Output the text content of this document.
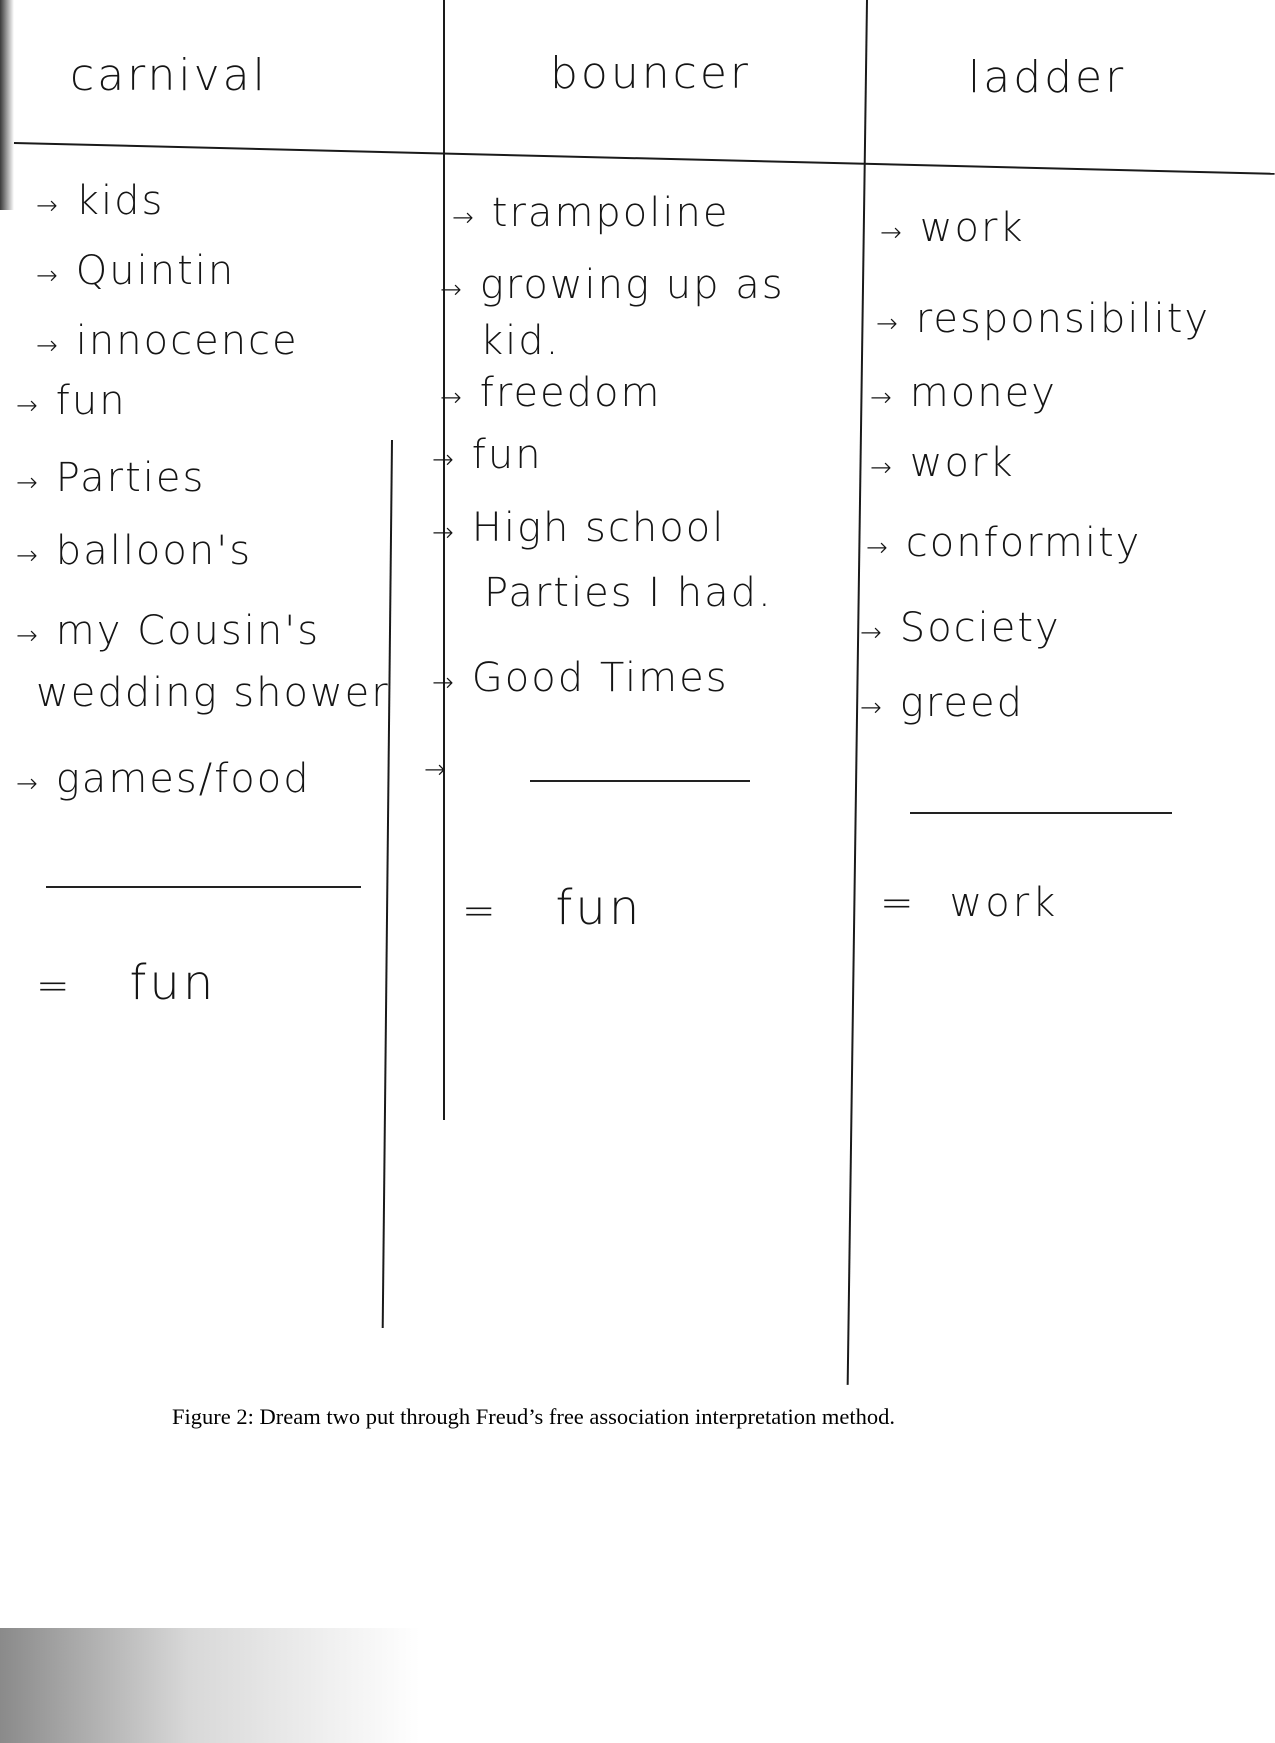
carnival
→ kids
→ Quintin
→ innocence
→ fun
→ Parties
→ balloon's
→ my Cousin's
wedding shower
→ games/food
= fun
bouncer
→ trampoline
→ growing up as
kid.
→ freedom
→ fun
→ High school
Parties I had.
→ Good Times
→
= fun
ladder
→ work
→ responsibility
→ money
→ work
→ conformity
→ Society
→ greed
= work
Figure 2: Dream two put through Freud’s free association interpretation method.
